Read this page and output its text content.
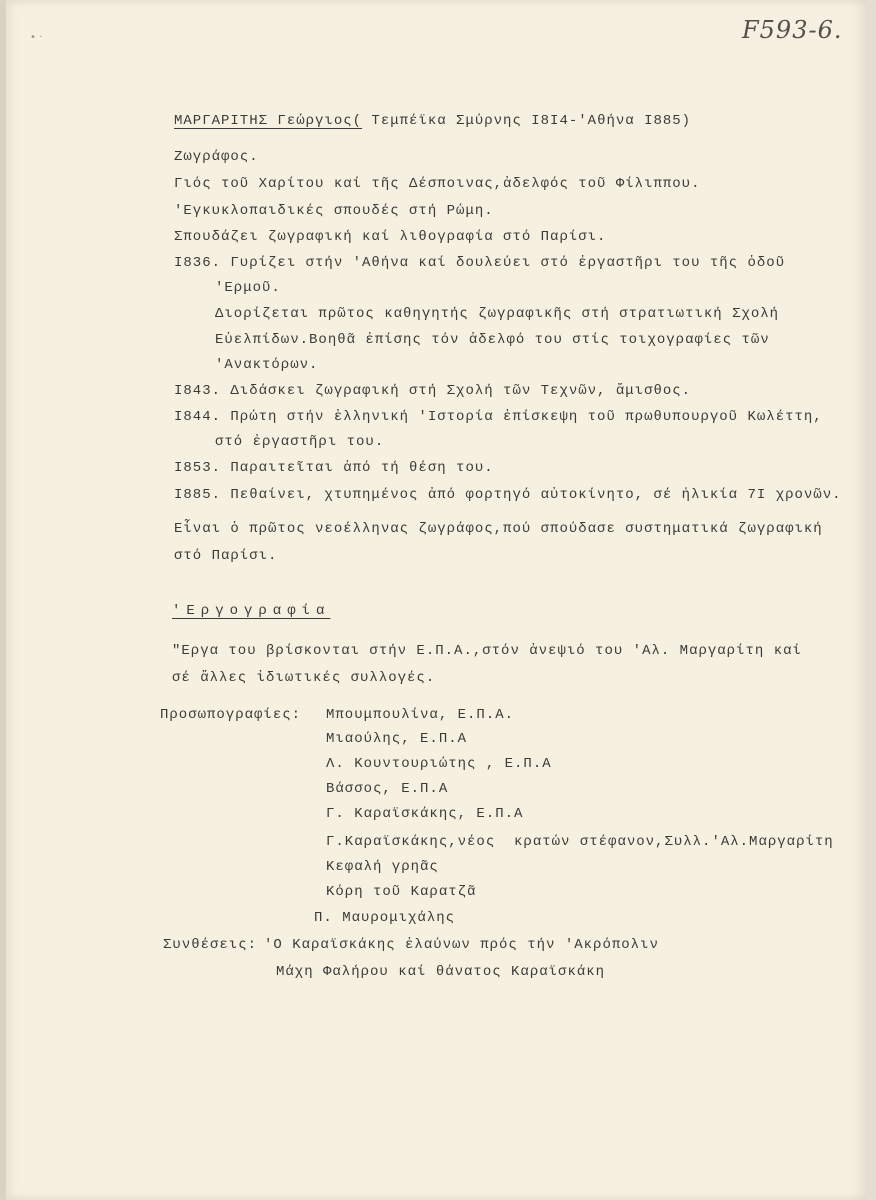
• ·	F593-6.
ΜΑΡΓΑΡΙΤΗΣ Γεώργιος( Τεμπέϊκα Σμύρνης I8I4-'Αθήνα I885)
Ζωγράφος.
Γιός τοῦ Χαρίτου καί τῆς Δέσποινας,ἀδελφός τοῦ Φίλιππου.
'Εγκυκλοπαιδικές σπουδές στή Ρώμη.
Σπουδάζει ζωγραφική καί λιθογραφία στό Παρίσι.
I836. Γυρίζει στήν 'Αθήνα καί δουλεύει στό ἐργαστῆρι του τῆς ὁδοῦ
'Ερμοῦ.
Διορίζεται πρῶτος καθηγητής ζωγραφικῆς στή στρατιωτική Σχολή
Εὐελπίδων.Βοηθᾶ ἐπίσης τόν ἀδελφό του στίς τοιχογραφίες τῶν
'Ανακτόρων.
I843. Διδάσκει ζωγραφική στή Σχολή τῶν Τεχνῶν, ἄμισθος.
I844. Πρώτη στήν ἑλληνική 'Ιστορία ἐπίσκεψη τοῦ πρωθυπουργοῦ Κωλέττη,
στό ἐργαστῆρι του.
I853. Παραιτεῖται ἀπό τή θέση του.
I885. Πεθαίνει, χτυπημένος ἀπό φορτηγό αὐτοκίνητο, σέ ἡλικία 7I χρονῶν.
Εἶναι ὁ πρῶτος νεοέλληνας ζωγράφος,πού σπούδασε συστηματικά ζωγραφική
στό Παρίσι.
'Εργογραφία
"Εργα του βρίσκονται στήν Ε.Π.Α.,στόν ἀνεψιό του 'Αλ. Μαργαρίτη καί
σέ ἄλλες ἰδιωτικές συλλογές.
Προσωπογραφίες: Μπουμπουλίνα, Ε.Π.Α.
Μιαούλης, Ε.Π.Α
Λ. Κουντουριώτης , Ε.Π.Α
Βάσσος, Ε.Π.Α
Γ. Καραϊσκάκης, Ε.Π.Α
Γ.Καραϊσκάκης,νέος  κρατών στέφανον,Συλλ.'Αλ.Μαργαρίτη
Κεφαλή γρηᾶς
Κόρη τοῦ Καρατζᾶ
Π. Μαυρομιχάλης
Συνθέσεις: 'Ο Καραϊσκάκης ἐλαύνων πρός τήν 'Ακρόπολιν
Μάχη Φαλήρου καί θάνατος Καραϊσκάκη
